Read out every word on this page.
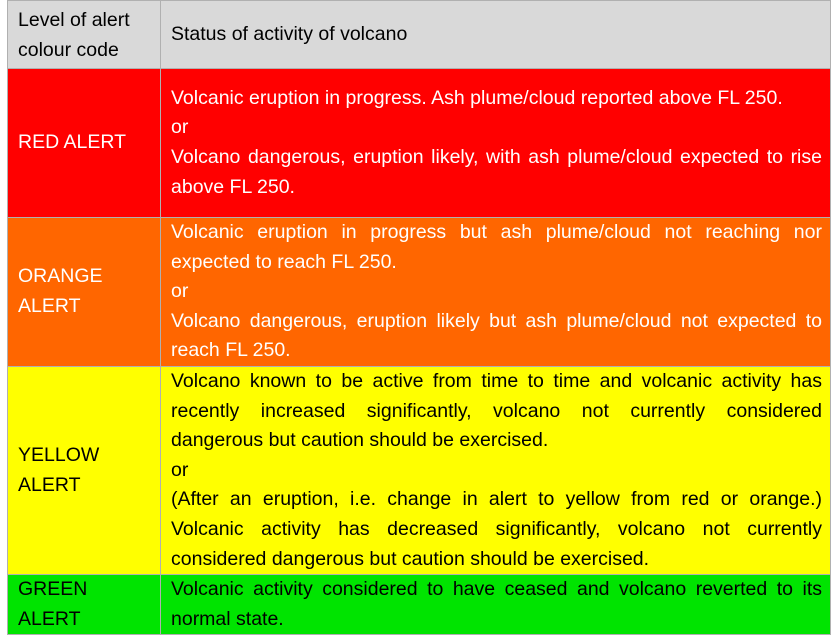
Level of alert colour code	Status of activity of volcano
RED ALERT	Volcanic eruption in progress. Ash plume/cloud reported above FL 250.
or
Volcano dangerous, eruption likely, with ash plume/cloud expected to rise above FL 250.

ORANGE ALERT	Volcanic eruption in progress but ash plume/cloud not reaching nor expected to reach FL 250.
or
Volcano dangerous, eruption likely but ash plume/cloud not expected to reach FL 250.

YELLOW ALERT	Volcano known to be active from time to time and volcanic activity has recently increased significantly, volcano not currently considered dangerous but caution should be exercised.
or
(After an eruption, i.e. change in alert to yellow from red or orange.) Volcanic activity has decreased significantly, volcano not currently considered dangerous but caution should be exercised.

GREEN ALERT	Volcanic activity considered to have ceased and volcano reverted to its normal state.
